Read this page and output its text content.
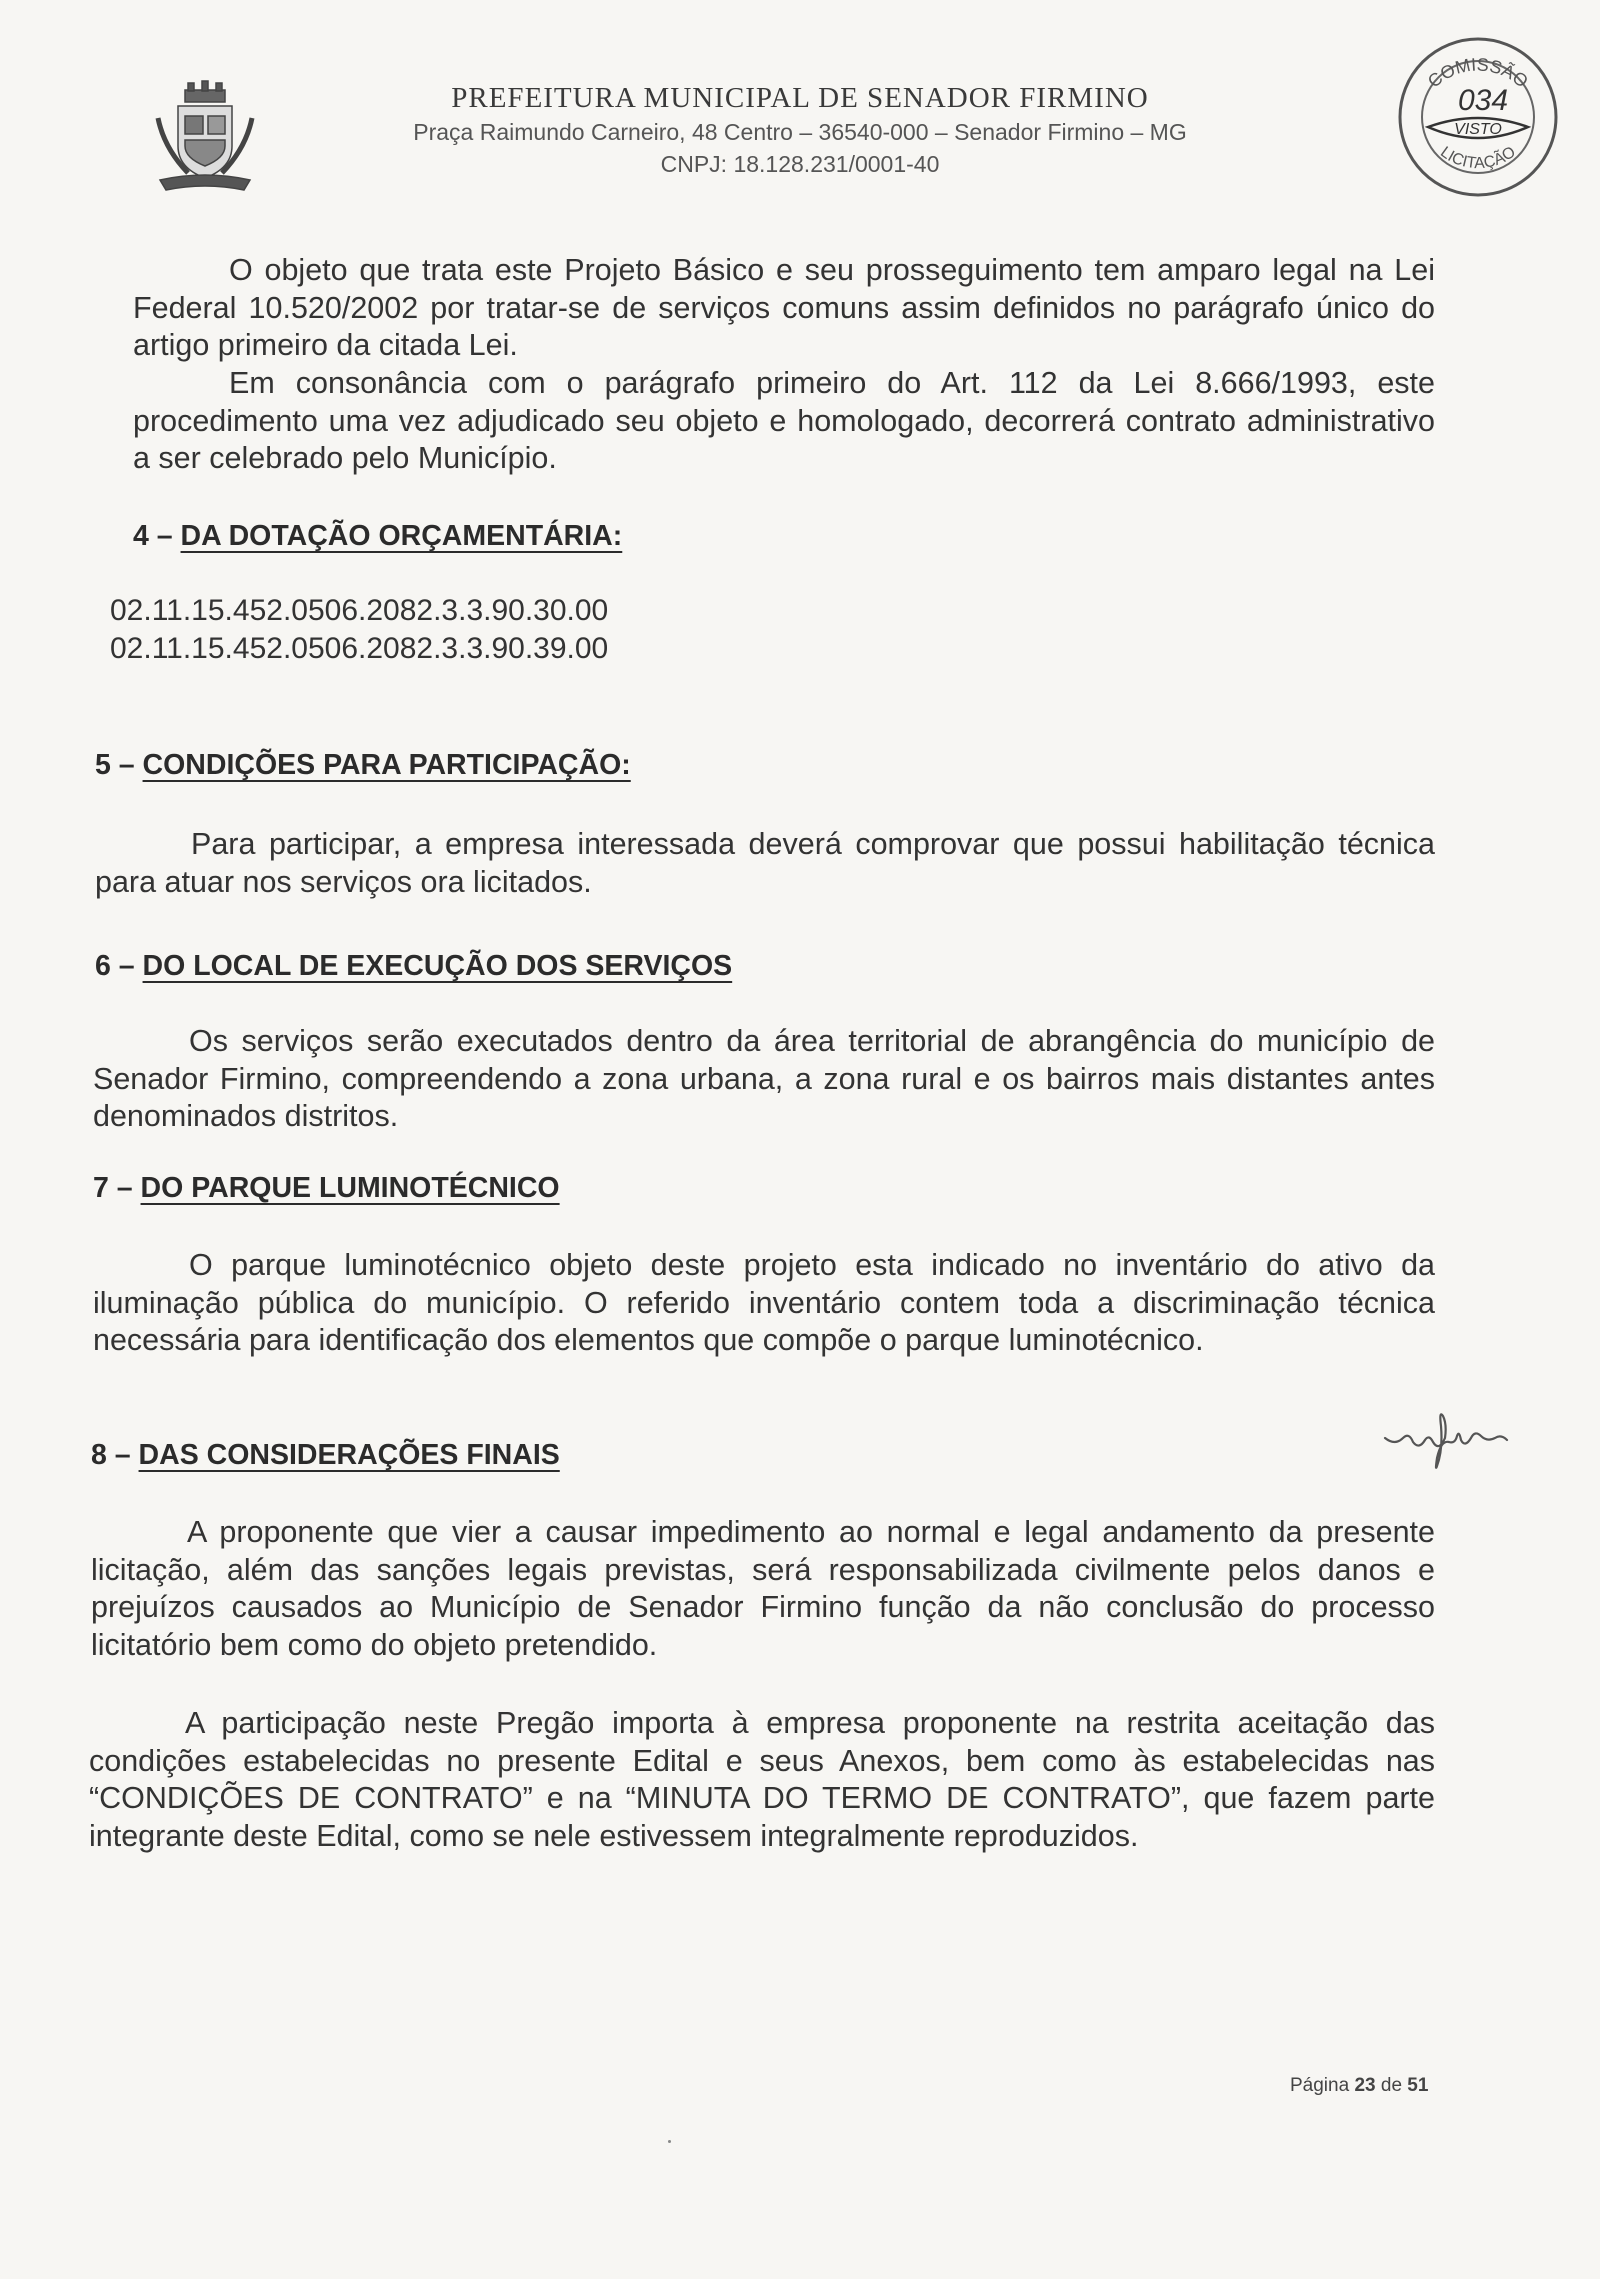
PREFEITURA MUNICIPAL DE SENADOR FIRMINO
Praça Raimundo Carneiro, 48 Centro – 36540-000 – Senador Firmino – MG
CNPJ: 18.128.231/0001-40
COMISSÃO
LICITAÇÃO
034
VISTO
O objeto que trata este Projeto Básico e seu prosseguimento tem amparo legal na Lei Federal 10.520/2002 por tratar-se de serviços comuns assim definidos no parágrafo único do artigo primeiro da citada Lei.
Em consonância com o parágrafo primeiro do Art. 112 da Lei 8.666/1993, este procedimento uma vez adjudicado seu objeto e homologado, decorrerá contrato administrativo a ser celebrado pelo Município.
4 – DA DOTAÇÃO ORÇAMENTÁRIA:
02.11.15.452.0506.2082.3.3.90.30.00
02.11.15.452.0506.2082.3.3.90.39.00
5 – CONDIÇÕES PARA PARTICIPAÇÃO:
Para participar, a empresa interessada deverá comprovar que possui habilitação técnica para atuar nos serviços ora licitados.
6 – DO LOCAL DE EXECUÇÃO DOS SERVIÇOS
Os serviços serão executados dentro da área territorial de abrangência do município de Senador Firmino, compreendendo a zona urbana, a zona rural e os bairros mais distantes antes denominados distritos.
7 – DO PARQUE LUMINOTÉCNICO
O parque luminotécnico objeto deste projeto esta indicado no inventário do ativo da iluminação pública do município. O referido inventário contem toda a discriminação técnica necessária para identificação dos elementos que compõe o parque luminotécnico.
8 – DAS CONSIDERAÇÕES FINAIS
A proponente que vier a causar impedimento ao normal e legal andamento da presente licitação, além das sanções legais previstas, será responsabilizada civilmente pelos danos e prejuízos causados ao Município de Senador Firmino função da não conclusão do processo licitatório bem como do objeto pretendido.
A participação neste Pregão importa à empresa proponente na restrita aceitação das condições estabelecidas no presente Edital e seus Anexos, bem como às estabelecidas nas “CONDIÇÕES DE CONTRATO” e na “MINUTA DO TERMO DE CONTRATO”, que fazem parte integrante deste Edital, como se nele estivessem integralmente reproduzidos.
Página 23 de 51
